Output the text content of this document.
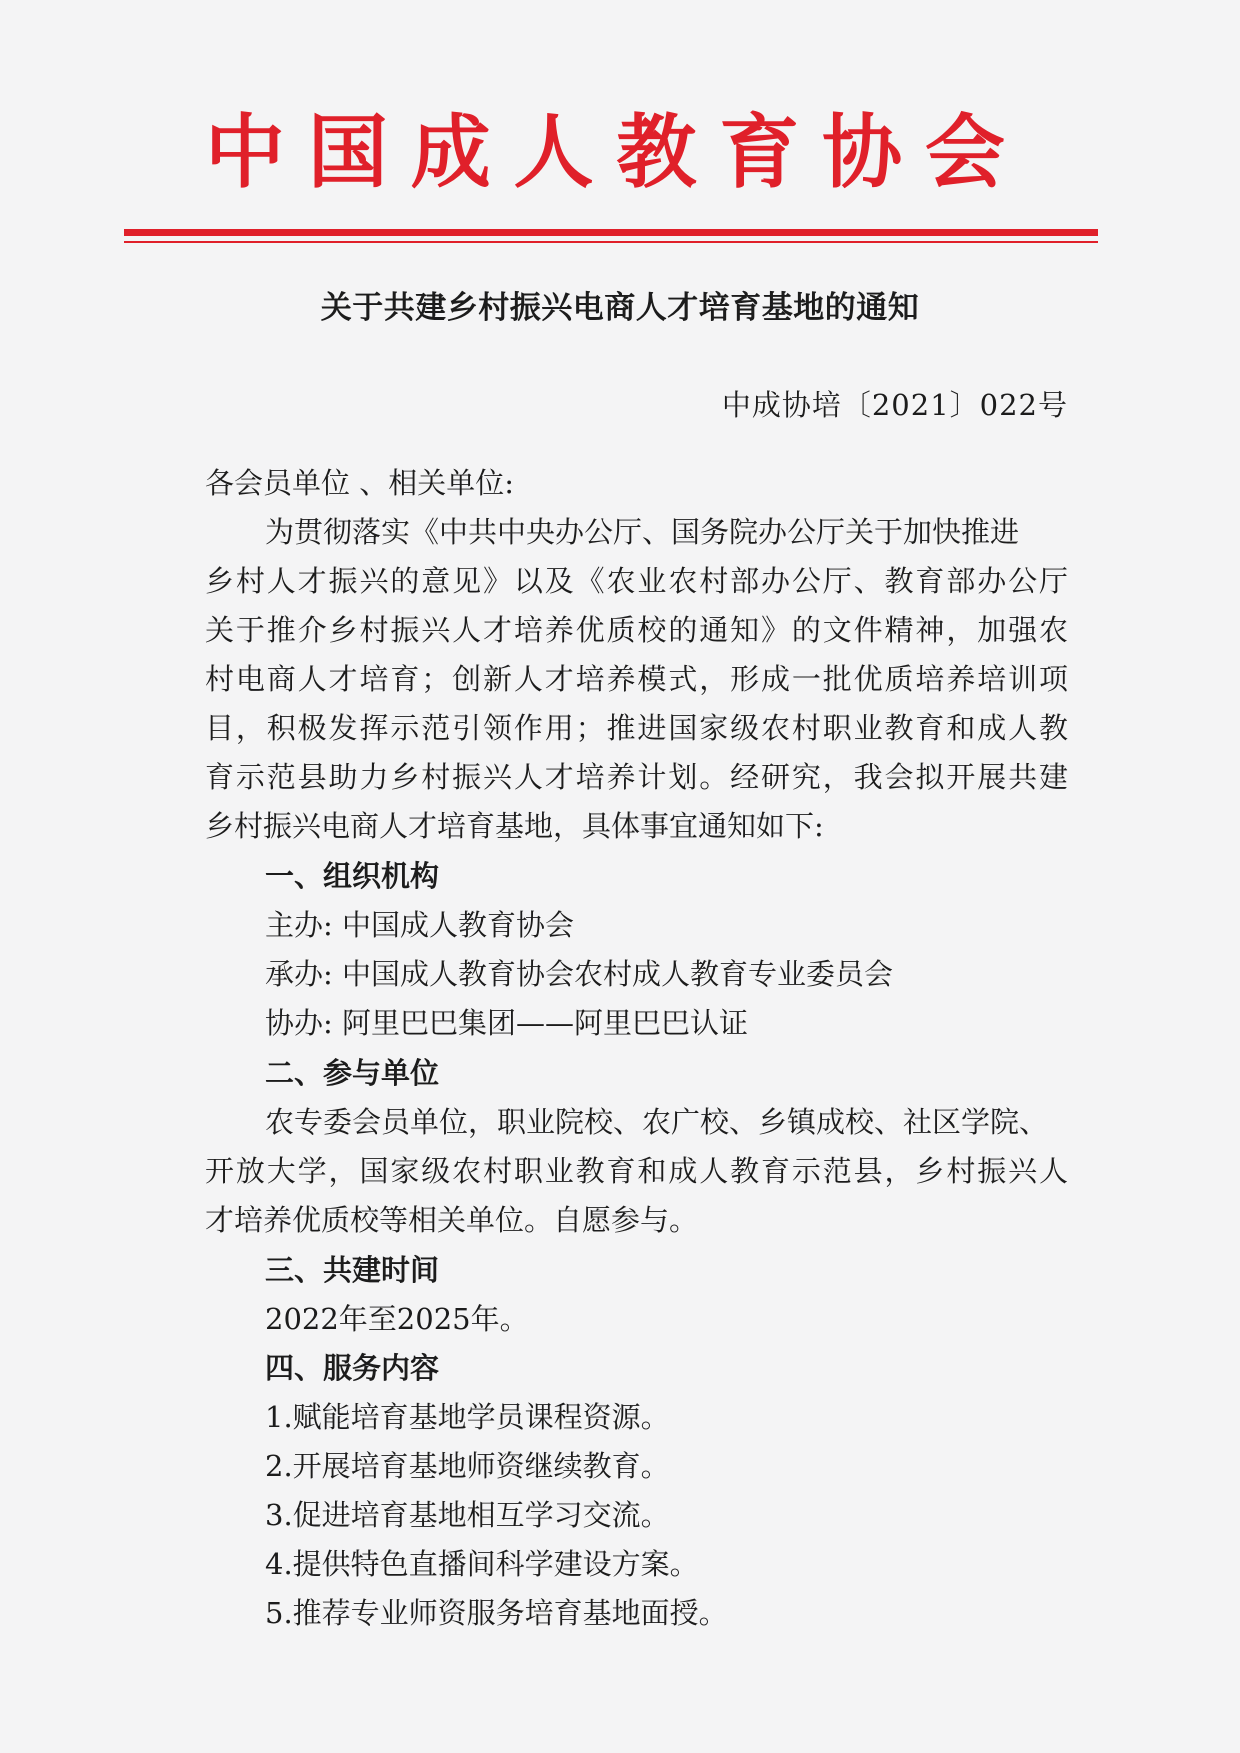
中 国 成 人 教 育 协 会
关于共建乡村振兴电商人才培育基地的通知
中成协培〔2021〕022号
各会员单位 、相关单位:
为贯彻落实《中共中央办公厅、国务院办公厅关于加快推进
乡村人才振兴的意见》以及《农业农村部办公厅、教育部办公厅
关于推介乡村振兴人才培养优质校的通知》的文件精神，加强农
村电商人才培育；创新人才培养模式，形成一批优质培养培训项
目，积极发挥示范引领作用；推进国家级农村职业教育和成人教
育示范县助力乡村振兴人才培养计划。经研究，我会拟开展共建
乡村振兴电商人才培育基地，具体事宜通知如下:
一、组织机构
主办: 中国成人教育协会
承办: 中国成人教育协会农村成人教育专业委员会
协办: 阿里巴巴集团——阿里巴巴认证
二、参与单位
农专委会员单位，职业院校、农广校、乡镇成校、社区学院、
开放大学，国家级农村职业教育和成人教育示范县，乡村振兴人
才培养优质校等相关单位。自愿参与。
三、共建时间
2022年至2025年。
四、服务内容
1.赋能培育基地学员课程资源。
2.开展培育基地师资继续教育。
3.促进培育基地相互学习交流。
4.提供特色直播间科学建设方案。
5.推荐专业师资服务培育基地面授。
